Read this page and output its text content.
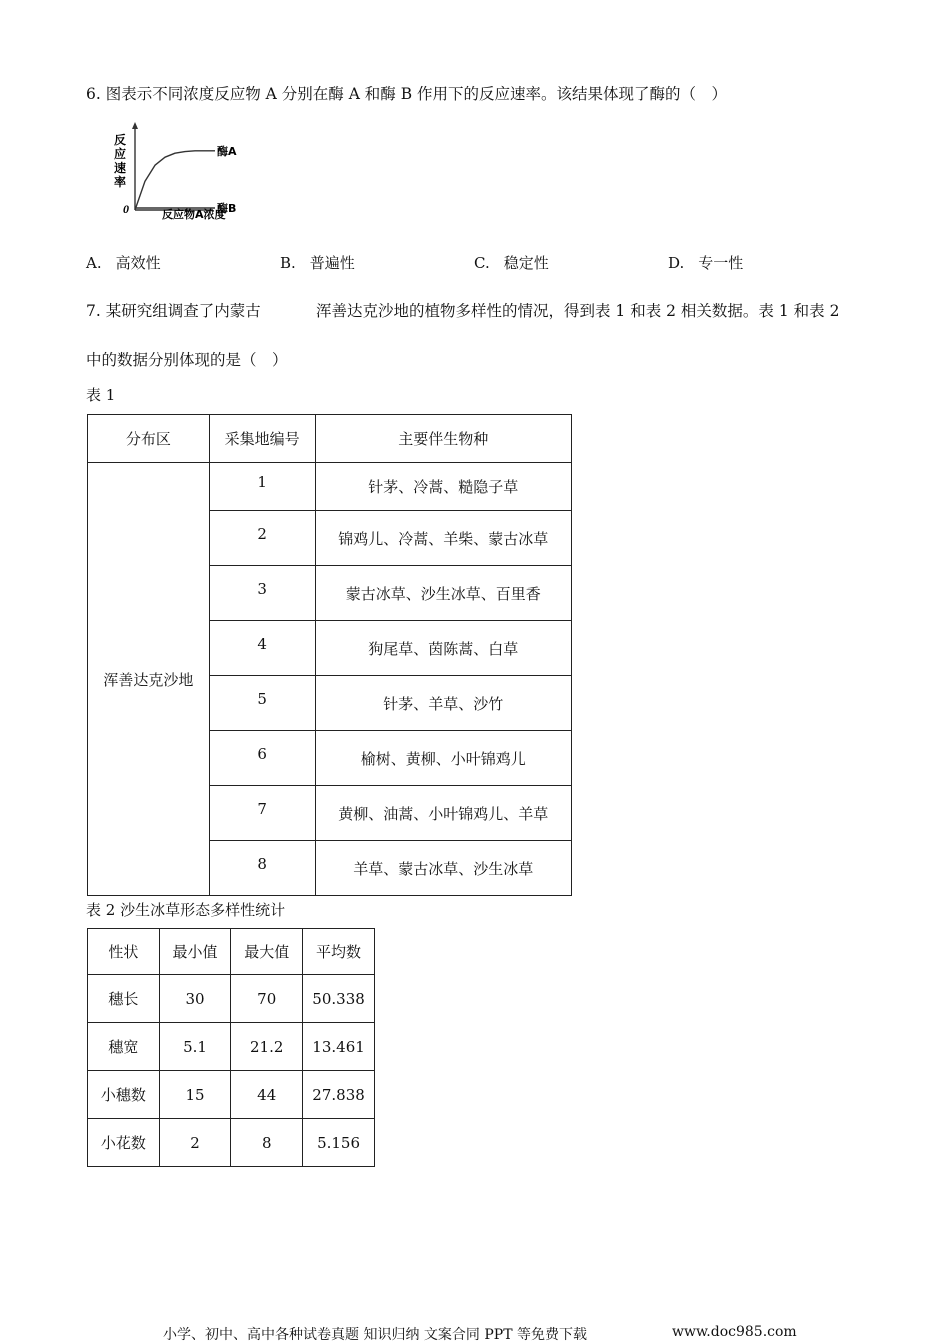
6. 图表示不同浓度反应物 A 分别在酶 A 和酶 B 作用下的反应速率。该结果体现了酶的（　）
反
应
速
率
0	反应物A浓度
酶A
酶B
A. 高效性	B. 普遍性	C. 稳定性	D. 专一性
7. 某研究组调查了内蒙古	浑善达克沙地的植物多样性的情况，得到表 1 和表 2 相关数据。表 1 和表 2
中的数据分别体现的是（　）
表 1
分布区	采集地编号	主要伴生物种
浑善达克沙地	1	针茅、冷蒿、糙隐子草
	2	锦鸡儿、冷蒿、羊柴、蒙古冰草
	3	蒙古冰草、沙生冰草、百里香
	4	狗尾草、茵陈蒿、白草
	5	针茅、羊草、沙竹
	6	榆树、黄柳、小叶锦鸡儿
	7	黄柳、油蒿、小叶锦鸡儿、羊草
	8	羊草、蒙古冰草、沙生冰草
表 2 沙生冰草形态多样性统计
性状	最小值	最大值	平均数
穗长	30	70	50.338
穗宽	5.1	21.2	13.461
小穗数	15	44	27.838
小花数	2	8	5.156
小学、初中、高中各种试卷真题 知识归纳 文案合同 PPT 等免费下载	www.doc985.com
